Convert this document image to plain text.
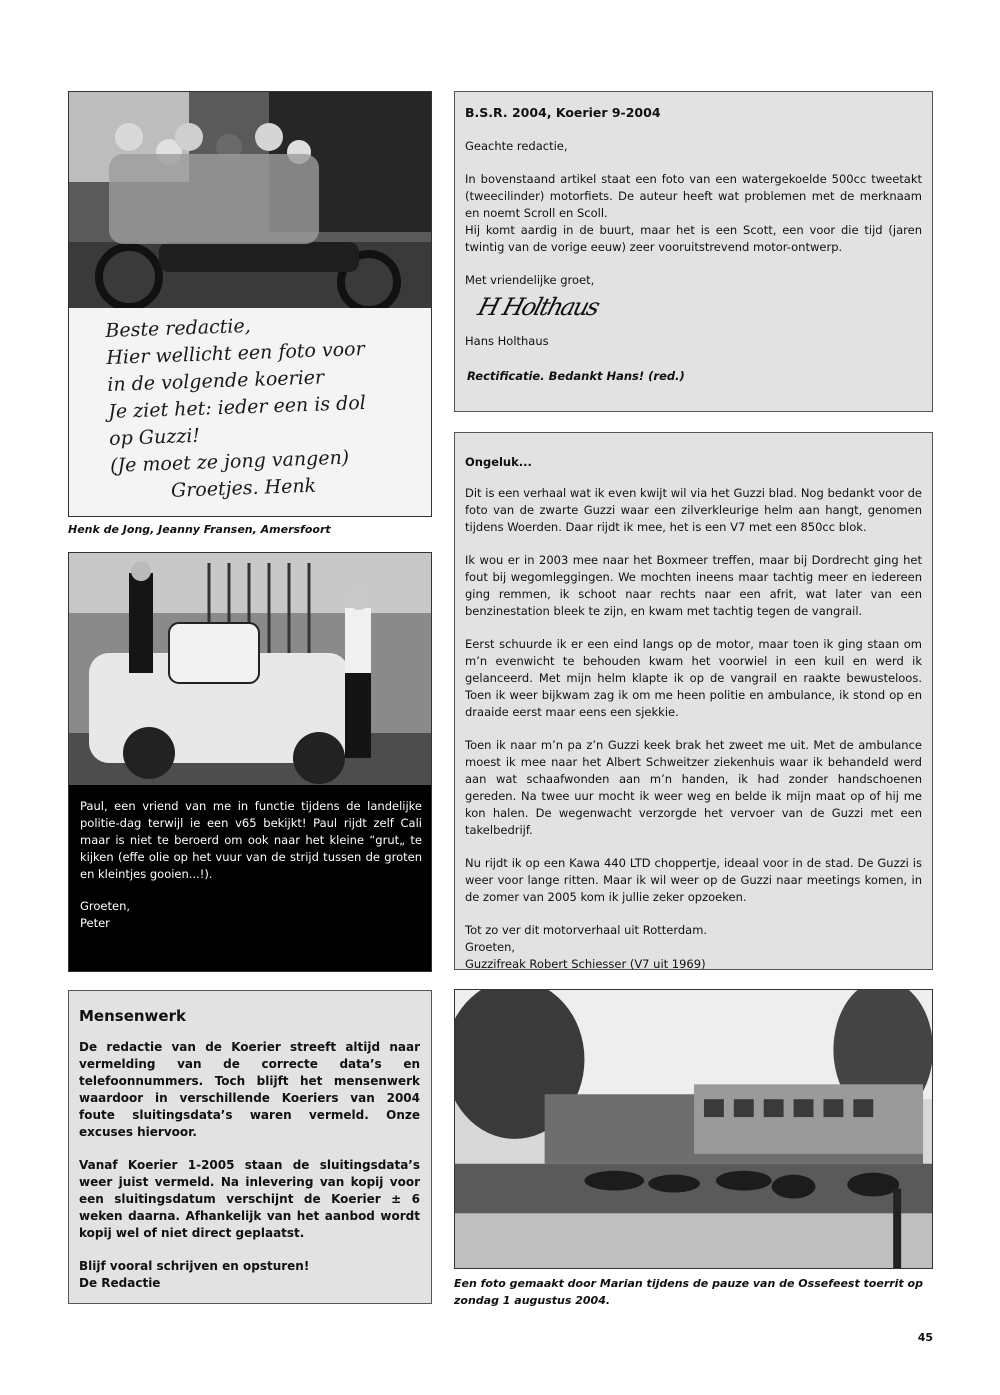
Beste redactie,
Hier wellicht een foto voor
in de volgende koerier
Je ziet het: ieder een is dol
op Guzzi!
(Je moet ze jong vangen)
Groetjes. Henk
Henk de Jong, Jeanny Fransen, Amersfoort

Paul, een vriend van me in functie tijdens de landelijke politie-dag terwijl ie een v65 bekijkt! Paul rijdt zelf Cali maar is niet te beroerd om ook naar het kleine “grut„ te kijken (effe olie op het vuur van de strijd tussen de groten en kleintjes gooien...!).

Groeten,

Peter

Mensenwerk

De redactie van de Koerier streeft altijd naar vermelding van de correcte data’s en telefoonnummers. Toch blijft het mensenwerk waardoor in verschillende Koeriers van 2004 foute sluitingsdata’s waren vermeld. Onze excuses hiervoor.

Vanaf Koerier 1-2005 staan de sluitingsdata’s weer juist vermeld. Na inlevering van kopij voor een sluitingsdatum verschijnt de Koerier ± 6 weken daarna. Afhankelijk van het aanbod wordt kopij wel of niet direct geplaatst.

Blijf vooral schrijven en opsturen!

De Redactie

B.S.R. 2004, Koerier 9-2004

Geachte redactie,

In bovenstaand artikel staat een foto van een watergekoelde 500cc tweetakt (tweecilinder) motorfiets. De auteur heeft wat problemen met de merknaam en noemt Scroll en Scoll.

Hij komt aardig in de buurt, maar het is een Scott, een voor die tijd (jaren twintig van de vorige eeuw) zeer vooruitstrevend motor-ontwerp.

Met vriendelijke groet,

H Holthaus

Hans Holthaus

Rectificatie. Bedankt Hans! (red.)

Ongeluk...

Dit is een verhaal wat ik even kwijt wil via het Guzzi blad. Nog bedankt voor de foto van de zwarte Guzzi waar een zilverkleurige helm aan hangt, genomen tijdens Woerden. Daar rijdt ik mee, het is een V7 met een 850cc blok.

Ik wou er in 2003 mee naar het Boxmeer treffen, maar bij Dordrecht ging het fout bij wegomleggingen. We mochten ineens maar tachtig meer en iedereen ging remmen, ik schoot naar rechts naar een afrit, wat later van een benzinestation bleek te zijn, en kwam met tachtig tegen de vangrail.

Eerst schuurde ik er een eind langs op de motor, maar toen ik ging staan om m’n evenwicht te behouden kwam het voorwiel in een kuil en werd ik gelanceerd. Met mijn helm klapte ik op de vangrail en raakte bewusteloos. Toen ik weer bijkwam zag ik om me heen politie en ambulance, ik stond op en draaide eerst maar eens een sjekkie.

Toen ik naar m’n pa z’n Guzzi keek brak het zweet me uit. Met de ambulance moest ik mee naar het Albert Schweitzer ziekenhuis waar ik behandeld werd aan wat schaafwonden aan m’n handen, ik had zonder handschoenen gereden. Na twee uur mocht ik weer weg en belde ik mijn maat op of hij me kon halen. De wegenwacht verzorgde het vervoer van de Guzzi met een takelbedrijf.

Nu rijdt ik op een Kawa 440 LTD choppertje, ideaal voor in de stad. De Guzzi is weer voor lange ritten. Maar ik wil weer op de Guzzi naar meetings komen, in de zomer van 2005 kom ik jullie zeker opzoeken.

Tot zo ver dit motorverhaal uit Rotterdam.

Groeten,

Guzzifreak Robert Schiesser (V7 uit 1969)

Een foto gemaakt door Marian tijdens de pauze van de Ossefeest toerrit op zondag 1 augustus 2004.
45
